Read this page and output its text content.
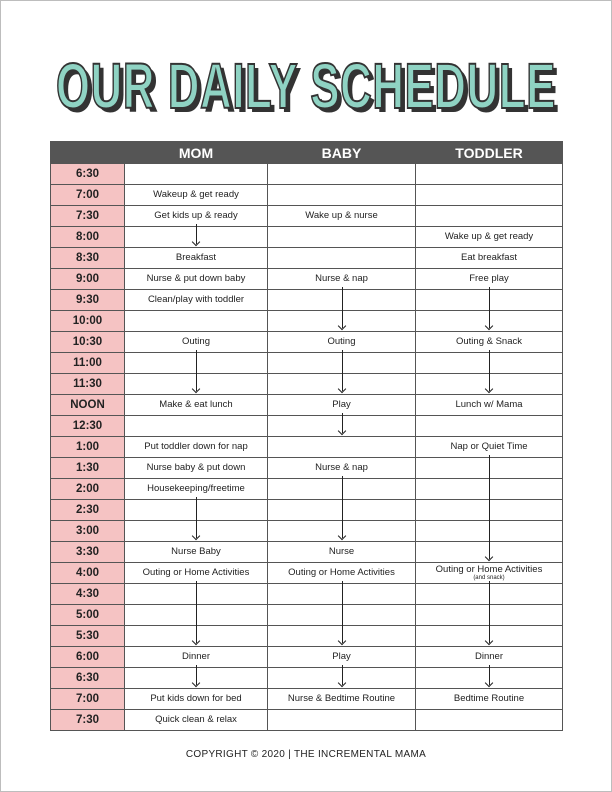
OUR DAILY SCHEDULE
OUR DAILY SCHEDULE
	MOM	BABY	TODDLER
6:30			
7:00	Wakeup & get ready		
7:30	Get kids up & ready	Wake up & nurse	
8:00			Wake up & get ready
8:30	Breakfast		Eat breakfast
9:00	Nurse & put down baby	Nurse & nap	Free play

9:30	Clean/play with toddler		
10:00			
10:30	Outing	Outing	Outing & Snack

11:00			
11:30			
NOON	Make & eat lunch	Play	Lunch w/ Mama
12:30			
1:00	Put toddler down for nap		Nap or Quiet Time

1:30	Nurse baby & put down	Nurse & nap

2:00	Housekeeping/freetime

2:30			
3:00			
3:30	Nurse Baby	Nurse	
4:00	Outing or Home Activities	Outing or Home Activities	Outing or Home Activities
(and snack)

4:30			
5:00			
5:30			
6:00	Dinner	Play	Dinner

6:30			
7:00	Put kids down for bed	Nurse & Bedtime Routine	Bedtime Routine
7:30	Quick clean & relax		
COPYRIGHT © 2020 | THE INCREMENTAL MAMA
